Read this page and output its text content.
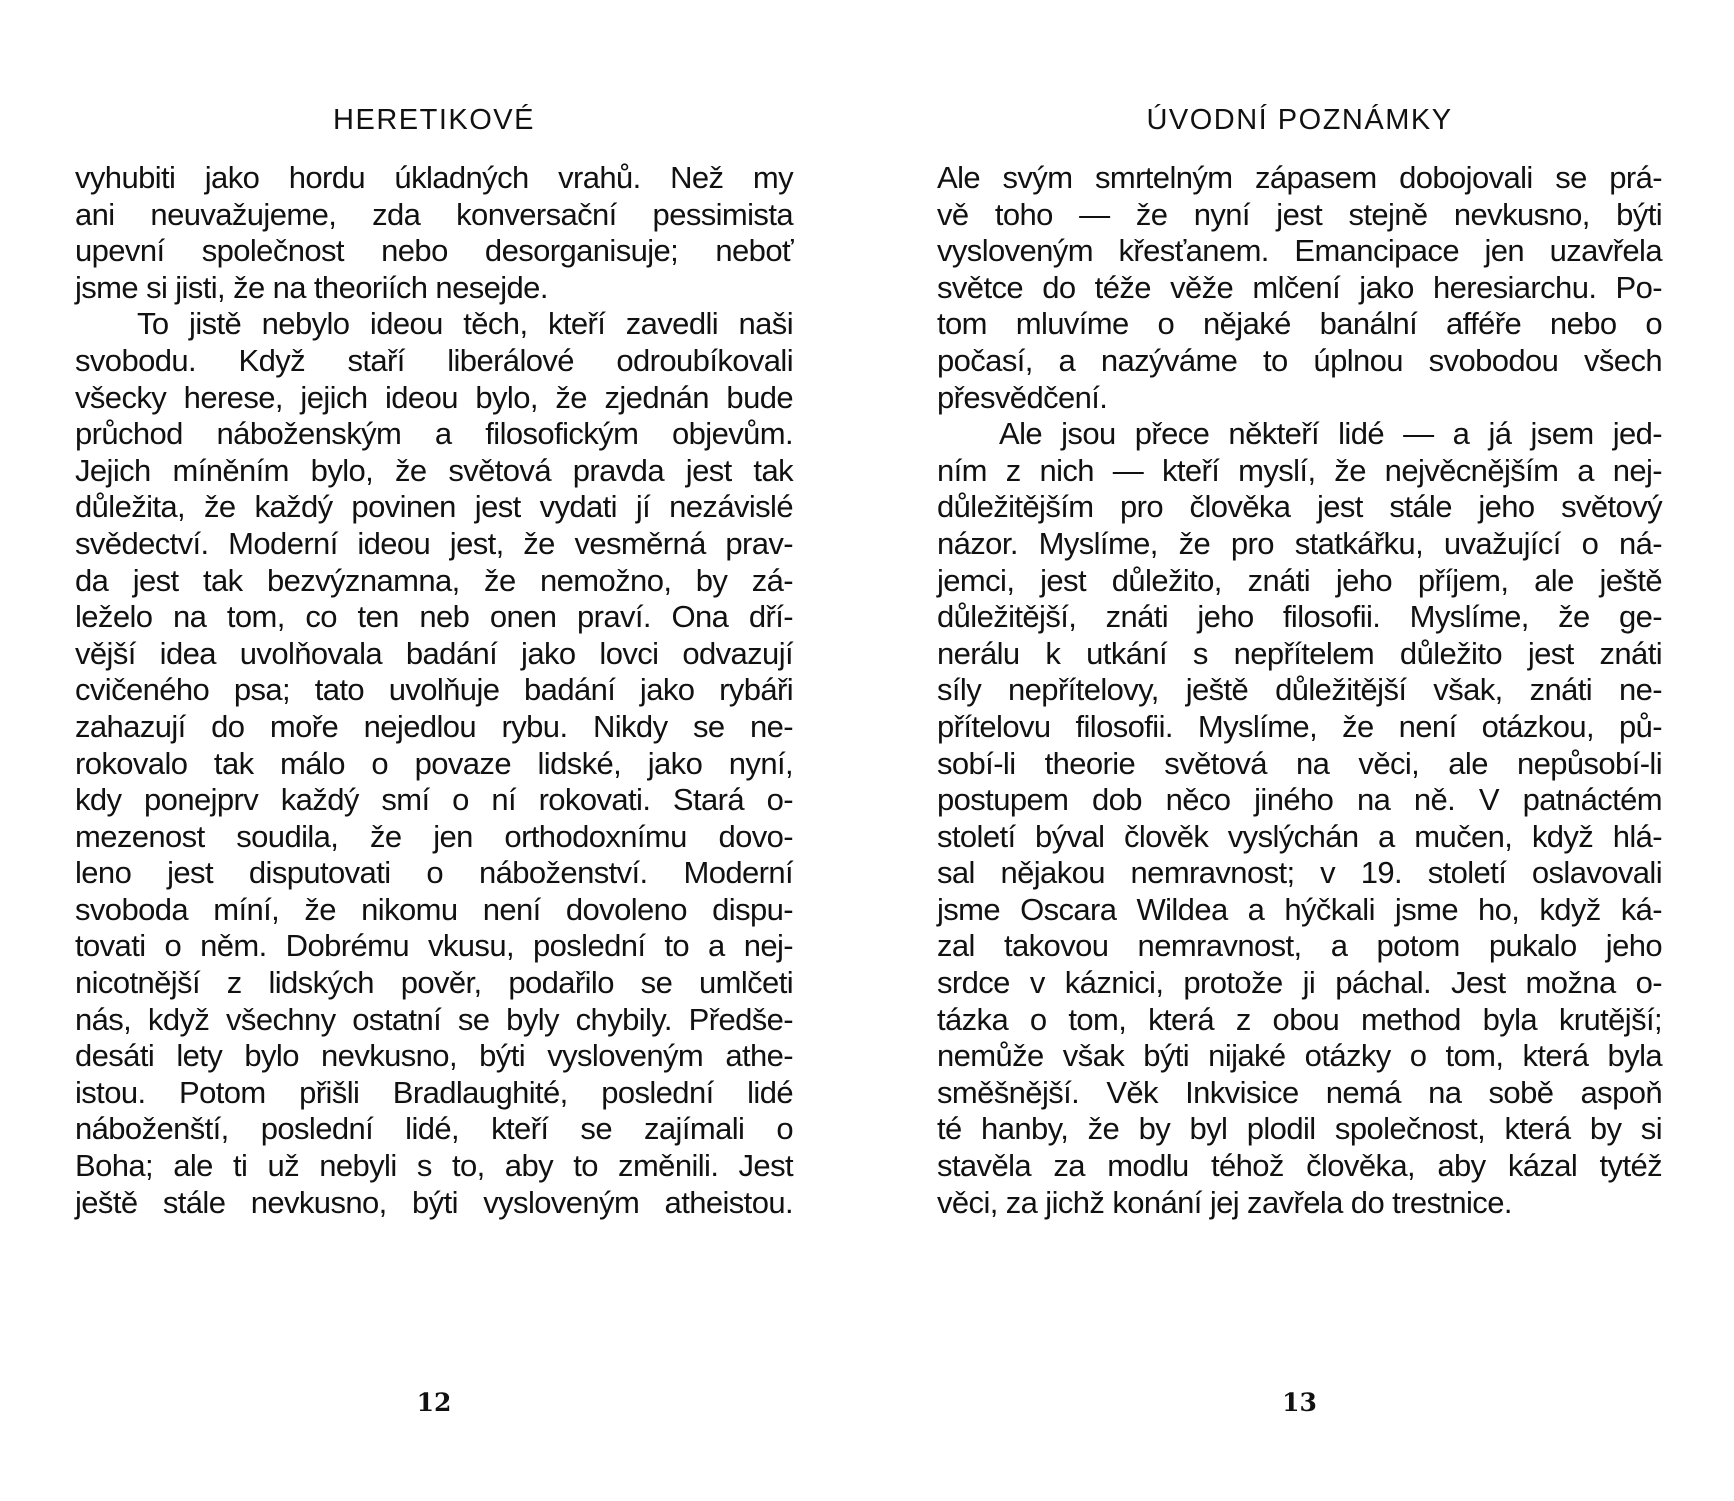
HERETIKOVÉ
vyhubiti jako hordu úkladných vrahů. Než my
ani neuvažujeme, zda konversační pessimista
upevní společnost nebo desorganisuje; neboť
jsme si jisti, že na theoriích nesejde.
To jistě nebylo ideou těch, kteří zavedli naši
svobodu. Když staří liberálové odroubíkovali
všecky herese, jejich ideou bylo, že zjednán bude
průchod náboženským a filosofickým objevům.
Jejich míněním bylo, že světová pravda jest tak
důležita, že každý povinen jest vydati jí nezávislé
svědectví. Moderní ideou jest, že vesměrná prav-
da jest tak bezvýznamna, že nemožno, by zá-
leželo na tom, co ten neb onen praví. Ona dří-
vější idea uvolňovala badání jako lovci odvazují
cvičeného psa; tato uvolňuje badání jako rybáři
zahazují do moře nejedlou rybu. Nikdy se ne-
rokovalo tak málo o povaze lidské, jako nyní,
kdy ponejprv každý smí o ní rokovati. Stará o-
mezenost soudila, že jen orthodoxnímu dovo-
leno jest disputovati o náboženství. Moderní
svoboda míní, že nikomu není dovoleno dispu-
tovati o něm. Dobrému vkusu, poslední to a nej-
nicotnější z lidských pověr, podařilo se umlčeti
nás, když všechny ostatní se byly chybily. Předše-
desáti lety bylo nevkusno, býti vysloveným athe-
istou. Potom přišli Bradlaughité, poslední lidé
náboženští, poslední lidé, kteří se zajímali o
Boha; ale ti už nebyli s to, aby to změnili. Jest
ještě stále nevkusno, býti vysloveným atheistou.
12
ÚVODNÍ POZNÁMKY
Ale svým smrtelným zápasem dobojovali se prá-
vě toho — že nyní jest stejně nevkusno, býti
vysloveným křesťanem. Emancipace jen uzavřela
světce do téže věže mlčení jako heresiarchu. Po-
tom mluvíme o nějaké banální afféře nebo o
počasí, a nazýváme to úplnou svobodou všech
přesvědčení.
Ale jsou přece někteří lidé — a já jsem jed-
ním z nich — kteří myslí, že nejvěcnějším a nej-
důležitějším pro člověka jest stále jeho světový
názor. Myslíme, že pro statkářku, uvažující o ná-
jemci, jest důležito, znáti jeho příjem, ale ještě
důležitější, znáti jeho filosofii. Myslíme, že ge-
nerálu k utkání s nepřítelem důležito jest znáti
síly nepřítelovy, ještě důležitější však, znáti ne-
přítelovu filosofii. Myslíme, že není otázkou, pů-
sobí-li theorie světová na věci, ale nepůsobí-li
postupem dob něco jiného na ně. V patnáctém
století býval člověk vyslýchán a mučen, když hlá-
sal nějakou nemravnost; v 19. století oslavovali
jsme Oscara Wildea a hýčkali jsme ho, když ká-
zal takovou nemravnost, a potom pukalo jeho
srdce v káznici, protože ji páchal. Jest možna o-
tázka o tom, která z obou method byla krutější;
nemůže však býti nijaké otázky o tom, která byla
směšnější. Věk Inkvisice nemá na sobě aspoň
té hanby, že by byl plodil společnost, která by si
stavěla za modlu téhož člověka, aby kázal tytéž
věci, za jichž konání jej zavřela do trestnice.
13
